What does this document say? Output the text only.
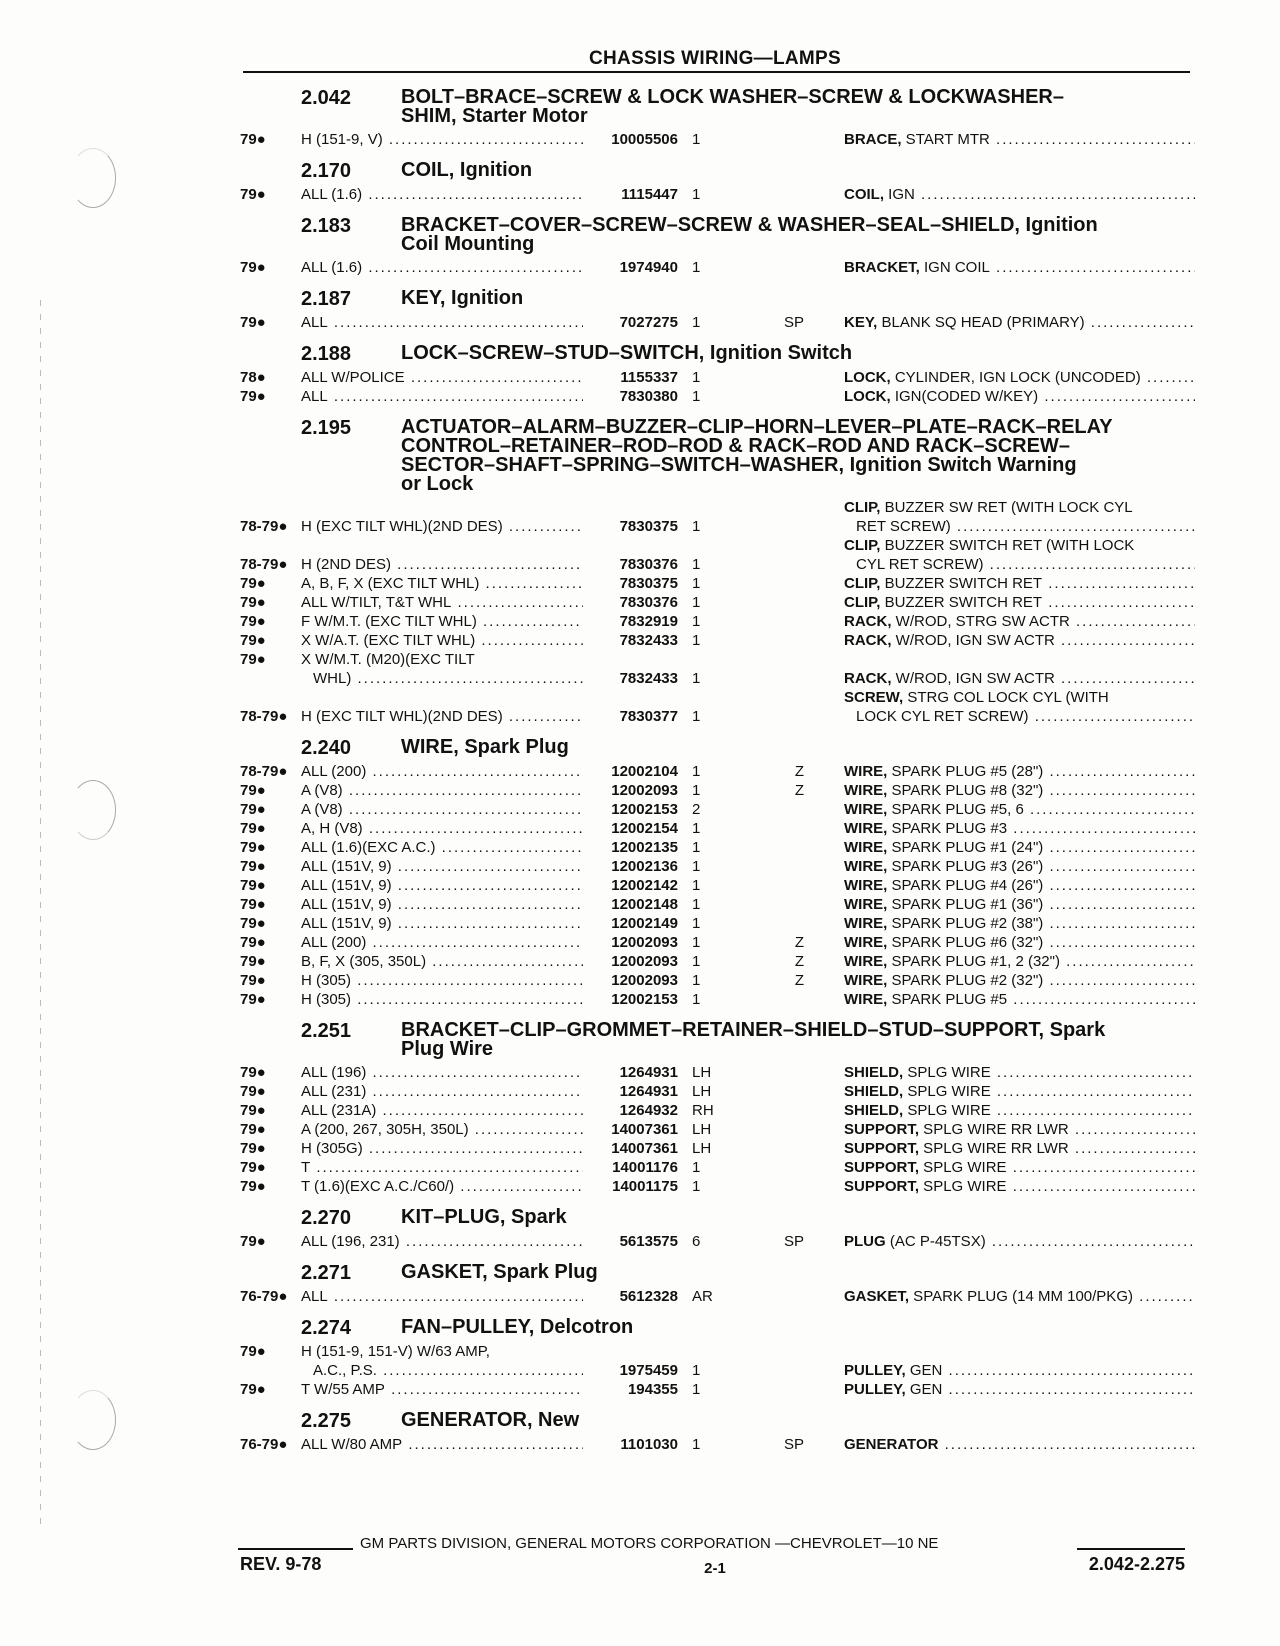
CHASSIS WIRING—LAMPS
2.042	BOLT–BRACE–SCREW & LOCK WASHER–SCREW & LOCKWASHER–
SHIM, Starter Motor
79●	H (151-9, V) .....	10005506 1	BRACE, START MTR .....
2.170	COIL, Ignition
79●	ALL (1.6) .....	1115447 1	COIL, IGN .....
2.183	BRACKET–COVER–SCREW–SCREW & WASHER–SEAL–SHIELD, Ignition
Coil Mounting
79●	ALL (1.6) .....	1974940 1	BRACKET, IGN COIL .....
2.187	KEY, Ignition
79●	ALL .....	7027275 1	SP	KEY, BLANK SQ HEAD (PRIMARY) .....
2.188	LOCK–SCREW–STUD–SWITCH, Ignition Switch
78●	ALL W/POLICE .....	1155337 1	LOCK, CYLINDER, IGN LOCK (UNCODED) .....
79●	ALL .....	7830380 1	LOCK, IGN(CODED W/KEY) .....
2.195	ACTUATOR–ALARM–BUZZER–CLIP–HORN–LEVER–PLATE–RACK–RELAY
CONTROL–RETAINER–ROD–ROD & RACK–ROD AND RACK–SCREW–
SECTOR–SHAFT–SPRING–SWITCH–WASHER, Ignition Switch Warning
or Lock
78-79● H (EXC TILT WHL)(2ND DES) .....	7830375 1
CLIP, BUZZER SW RET (WITH LOCK CYL
RET SCREW) .....
78-79● H (2ND DES) .....	7830376 1
CLIP, BUZZER SWITCH RET (WITH LOCK
CYL RET SCREW) .....
79●	A, B, F, X (EXC TILT WHL) .....	7830375 1	CLIP, BUZZER SWITCH RET .....
79●	ALL W/TILT, T&T WHL .....	7830376 1	CLIP, BUZZER SWITCH RET .....
79●	F W/M.T. (EXC TILT WHL) .....	7832919 1	RACK, W/ROD, STRG SW ACTR .....
79●	X W/A.T. (EXC TILT WHL) .....	7832433 1	RACK, W/ROD, IGN SW ACTR .....
79●	X W/M.T. (M20)(EXC TILT
WHL) .....	7832433 1	RACK, W/ROD, IGN SW ACTR .....
78-79● H (EXC TILT WHL)(2ND DES) .....	7830377 1
SCREW, STRG COL LOCK CYL (WITH
LOCK CYL RET SCREW) .....
2.240	WIRE, Spark Plug
78-79● ALL (200) .....	12002104 1	Z	WIRE, SPARK PLUG #5 (28") .....
79●	A (V8) .....	12002093 1	Z	WIRE, SPARK PLUG #8 (32") .....
79●	A (V8) .....	12002153 2	WIRE, SPARK PLUG #5, 6 .....
79●	A, H (V8) .....	12002154 1	WIRE, SPARK PLUG #3 .....
79●	ALL (1.6)(EXC A.C.) .....	12002135 1	WIRE, SPARK PLUG #1 (24") .....
79●	ALL (151V, 9) .....	12002136 1	WIRE, SPARK PLUG #3 (26") .....
79●	ALL (151V, 9) .....	12002142 1	WIRE, SPARK PLUG #4 (26") .....
79●	ALL (151V, 9) .....	12002148 1	WIRE, SPARK PLUG #1 (36") .....
79●	ALL (151V, 9) .....	12002149 1	WIRE, SPARK PLUG #2 (38") .....
79●	ALL (200) .....	12002093 1	Z	WIRE, SPARK PLUG #6 (32") .....
79●	B, F, X (305, 350L) .....	12002093 1	Z	WIRE, SPARK PLUG #1, 2 (32") .....
79●	H (305) .....	12002093 1	Z	WIRE, SPARK PLUG #2 (32") .....
79●	H (305) .....	12002153 1	WIRE, SPARK PLUG #5 .....
2.251	BRACKET–CLIP–GROMMET–RETAINER–SHIELD–STUD–SUPPORT, Spark
Plug Wire
79●	ALL (196) .....	1264931 LH	SHIELD, SPLG WIRE .....
79●	ALL (231) .....	1264931 LH	SHIELD, SPLG WIRE .....
79●	ALL (231A) .....	1264932 RH	SHIELD, SPLG WIRE .....
79●	A (200, 267, 305H, 350L) .....	14007361 LH	SUPPORT, SPLG WIRE RR LWR .....
79●	H (305G) .....	14007361 LH	SUPPORT, SPLG WIRE RR LWR .....
79●	T .....	14001176 1	SUPPORT, SPLG WIRE .....
79●	T (1.6)(EXC A.C./C60/) .....	14001175 1	SUPPORT, SPLG WIRE .....
2.270	KIT–PLUG, Spark
79●	ALL (196, 231) .....	5613575 6	SP	PLUG (AC P-45TSX) .....
2.271	GASKET, Spark Plug
76-79● ALL .....	5612328 AR	GASKET, SPARK PLUG (14 MM 100/PKG) .....
2.274	FAN–PULLEY, Delcotron
79●	H (151-9, 151-V) W/63 AMP,
A.C., P.S. .....	1975459 1	PULLEY, GEN .....
79●	T W/55 AMP .....	194355 1	PULLEY, GEN .....
2.275	GENERATOR, New
76-79● ALL W/80 AMP .....	1101030 1	SP	GENERATOR .....
GM PARTS DIVISION, GENERAL MOTORS CORPORATION —CHEVROLET—10 NE
REV. 9-78	2-1	2.042-2.275
